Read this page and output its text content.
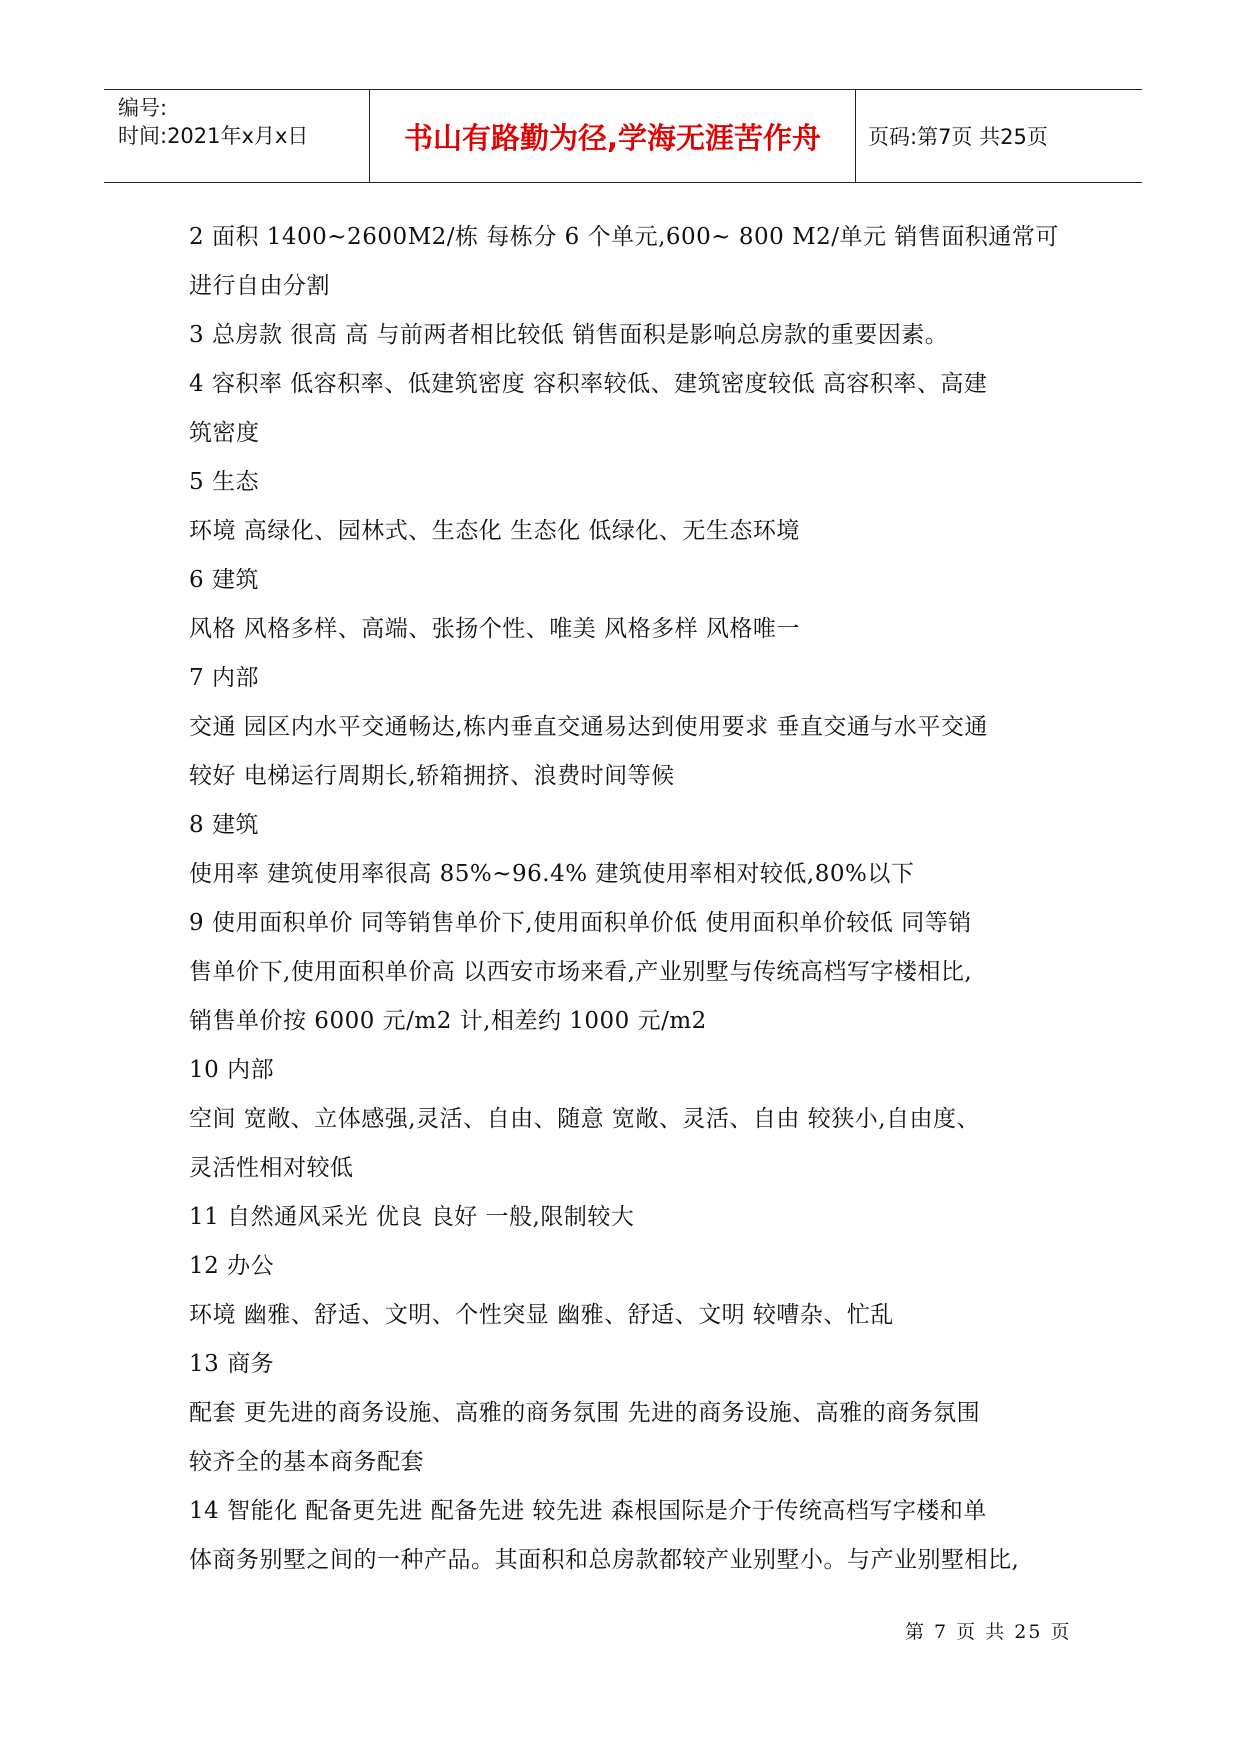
编号:
时间:2021年x月x日	书山有路勤为径,学海无涯苦作舟 页码:第7页 共25页
2 面积 1400~2600M2/栋 每栋分 6 个单元,600~ 800 M2/单元 销售面积通常可
进行自由分割
3 总房款 很高 高 与前两者相比较低 销售面积是影响总房款的重要因素。
4 容积率 低容积率、低建筑密度 容积率较低、建筑密度较低 高容积率、高建
筑密度
5 生态
环境 高绿化、园林式、生态化 生态化 低绿化、无生态环境
6 建筑
风格 风格多样、高端、张扬个性、唯美 风格多样 风格唯一
7 内部
交通 园区内水平交通畅达,栋内垂直交通易达到使用要求 垂直交通与水平交通
较好 电梯运行周期长,轿箱拥挤、浪费时间等候
8 建筑
使用率 建筑使用率很高 85%~96.4% 建筑使用率相对较低,80%以下
9 使用面积单价 同等销售单价下,使用面积单价低 使用面积单价较低 同等销
售单价下,使用面积单价高 以西安市场来看,产业别墅与传统高档写字楼相比,
销售单价按 6000 元/m2 计,相差约 1000 元/m2
10 内部
空间 宽敞、立体感强,灵活、自由、随意 宽敞、灵活、自由 较狭小,自由度、
灵活性相对较低
11 自然通风采光 优良 良好 一般,限制较大
12 办公
环境 幽雅、舒适、文明、个性突显 幽雅、舒适、文明 较嘈杂、忙乱
13 商务
配套 更先进的商务设施、高雅的商务氛围 先进的商务设施、高雅的商务氛围
较齐全的基本商务配套
14 智能化 配备更先进 配备先进 较先进 森根国际是介于传统高档写字楼和单
体商务别墅之间的一种产品。其面积和总房款都较产业别墅小。与产业别墅相比,
第 7 页 共 25 页
